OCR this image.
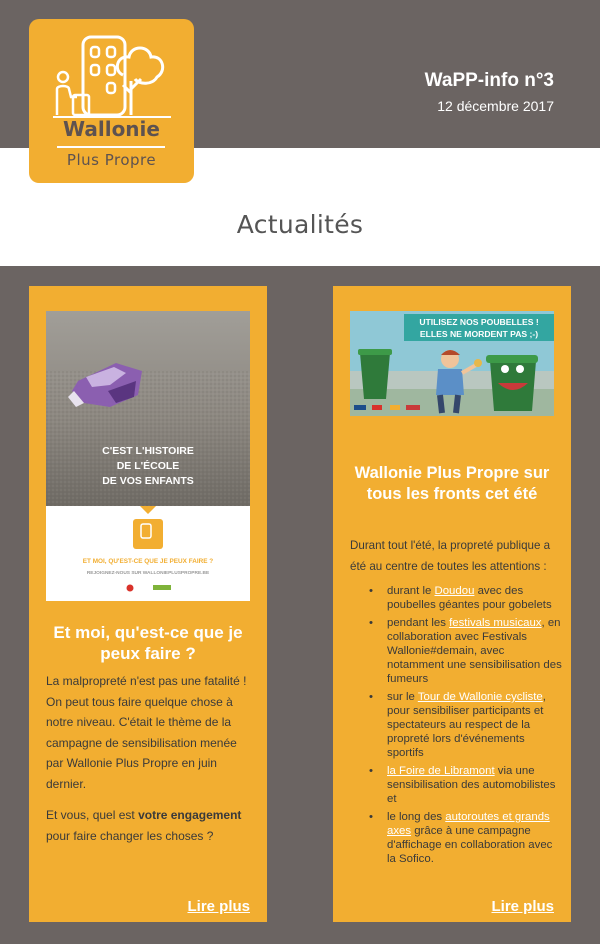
Wallonie
Plus Propre
WaPP-info n°3
12 décembre 2017
Actualités
C'EST L'HISTOIRE
DE L'ÉCOLE
DE VOS ENFANTS
ET MOI, QU'EST-CE QUE JE PEUX FAIRE ?
REJOIGNEZ-NOUS SUR WALLONIEPLUSPROPRE.BE
Et moi, qu'est-ce que je peux faire ?

La malpropreté n'est pas une fatalité ! On peut tous faire quelque chose à notre niveau. C'était le thème de la campagne de sensibilisation menée par Wallonie Plus Propre en juin dernier.

Et vous, quel est votre engagement pour faire changer les choses ?

Lire plus
UTILISEZ NOS POUBELLES !
ELLES NE MORDENT PAS ;-)
Wallonie Plus Propre sur tous les fronts cet été

Durant tout l'été, la propreté publique a été au centre de toutes les attentions :

• durant le Doudou avec des poubelles géantes pour gobelets
• pendant les festivals musicaux, en collaboration avec Festivals Wallonie#demain, avec notamment une sensibilisation des fumeurs
• sur le Tour de Wallonie cycliste, pour sensibiliser participants et spectateurs au respect de la propreté lors d'événements sportifs
• la Foire de Libramont via une sensibilisation des automobilistes et
• le long des autoroutes et grands axes grâce à une campagne d'affichage en collaboration avec la Sofico.
Lire plus
